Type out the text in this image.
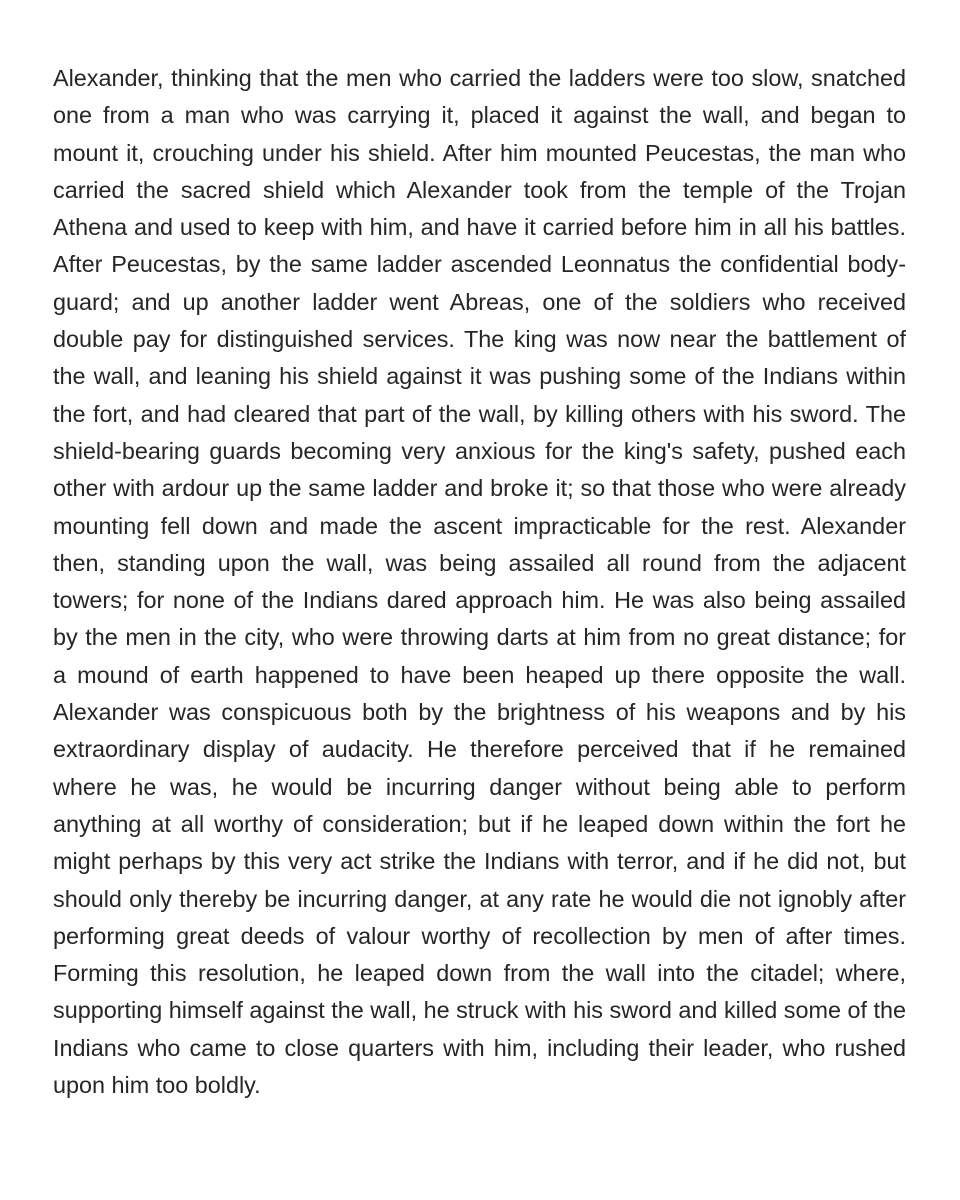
Alexander, thinking that the men who carried the ladders were too slow, snatched one from a man who was carrying it, placed it against the wall, and began to mount it, crouching under his shield. After him mounted Peucestas, the man who carried the sacred shield which Alexander took from the temple of the Trojan Athena and used to keep with him, and have it carried before him in all his battles. After Peucestas, by the same ladder ascended Leonnatus the confidential body-guard; and up another ladder went Abreas, one of the soldiers who received double pay for distinguished services. The king was now near the battlement of the wall, and leaning his shield against it was pushing some of the Indians within the fort, and had cleared that part of the wall, by killing others with his sword. The shield-bearing guards becoming very anxious for the king's safety, pushed each other with ardour up the same ladder and broke it; so that those who were already mounting fell down and made the ascent impracticable for the rest. Alexander then, standing upon the wall, was being assailed all round from the adjacent towers; for none of the Indians dared approach him. He was also being assailed by the men in the city, who were throwing darts at him from no great distance; for a mound of earth happened to have been heaped up there opposite the wall. Alexander was conspicuous both by the brightness of his weapons and by his extraordinary display of audacity. He therefore perceived that if he remained where he was, he would be incurring danger without being able to perform anything at all worthy of consideration; but if he leaped down within the fort he might perhaps by this very act strike the Indians with terror, and if he did not, but should only thereby be incurring danger, at any rate he would die not ignobly after performing great deeds of valour worthy of recollection by men of after times. Forming this resolution, he leaped down from the wall into the citadel; where, supporting himself against the wall, he struck with his sword and killed some of the Indians who came to close quarters with him, including their leader, who rushed upon him too boldly.
